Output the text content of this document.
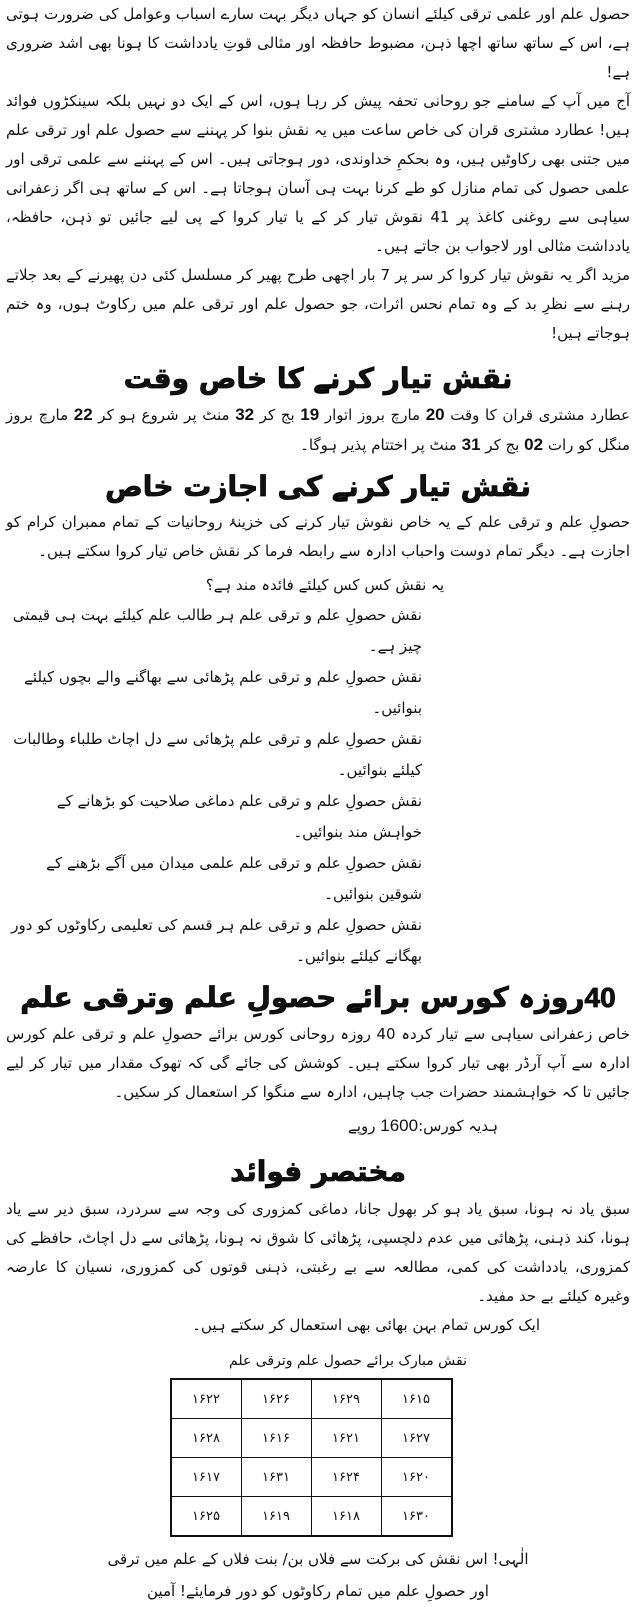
حصول علم اور علمی ترقی کیلئے انسان کو جہاں دیگر بہت سارے اسباب وعوامل کی ضرورت ہوتی ہے، اس کے ساتھ ساتھ اچھا ذہن، مضبوط حافظہ اور مثالی قوتِ یادداشت کا ہونا بھی اشد ضروری ہے!

آج میں آپ کے سامنے جو روحانی تحفہ پیش کر رہا ہوں، اس کے ایک دو نہیں بلکہ سینکڑوں فوائد ہیں! عطارد مشتری قران کی خاص ساعت میں یہ نقش بنوا کر پہننے سے حصول علم اور ترقی علم میں جتنی بھی رکاوٹیں ہیں، وہ بحکمِ خداوندی، دور ہوجاتی ہیں۔ اس کے پہننے سے علمی ترقی اور علمی حصول کی تمام منازل کو طے کرنا بہت ہی آسان ہوجاتا ہے۔ اس کے ساتھ ہی اگر زعفرانی سیاہی سے روغنی کاغذ پر 41 نقوش تیار کر کے یا تیار کروا کے پی لیے جائیں تو ذہن، حافظہ، یادداشت مثالی اور لاجواب بن جاتے ہیں۔

مزید اگر یہ نقوش تیار کروا کر سر پر 7 بار اچھی طرح پھیر کر مسلسل کئی دن پھیرنے کے بعد جلاتے رہنے سے نظرِ بد کے وہ تمام نحس اثرات، جو حصول علم اور ترقی علم میں رکاوٹ ہوں، وہ ختم ہوجاتے ہیں!

نقش تیار کرنے کا خاص وقت

عطارد مشتری قران کا وقت 20 مارچ بروز اتوار 19 بج کر 32 منٹ پر شروع ہو کر 22 مارچ بروز منگل کو رات 02 بج کر 31 منٹ پر اختتام پذیر ہوگا۔

نقش تیار کرنے کی اجازت خاص

حصولِ علم و ترقی علم کے یہ خاص نقوش تیار کرنے کی خزینۂ روحانیات کے تمام ممبران کرام کو اجازت ہے۔ دیگر تمام دوست واحباب ادارہ سے رابطہ فرما کر نقش خاص تیار کروا سکتے ہیں۔

یہ نقش کس کس کیلئے فائدہ مند ہے؟

نقش حصولِ علم و ترقی علم ہر طالب علم کیلئے بہت ہی قیمتی چیز ہے۔
نقش حصولِ علم و ترقی علم پڑھائی سے بھاگنے والے بچوں کیلئے بنوائیں۔
نقش حصولِ علم و ترقی علم پڑھائی سے دل اچاٹ طلباء وطالبات کیلئے بنوائیں۔
نقش حصولِ علم و ترقی علم دماغی صلاحیت کو بڑھانے کے خواہش مند بنوائیں۔
نقش حصولِ علم و ترقی علم علمی میدان میں آگے بڑھنے کے شوقین بنوائیں۔
نقش حصولِ علم و ترقی علم ہر قسم کی تعلیمی رکاوٹوں کو دور بھگانے کیلئے بنوائیں۔
40روزہ کورس برائے حصولِ علم وترقی علم

خاص زعفرانی سیاہی سے تیار کردہ 40 روزہ روحانی کورس برائے حصولِ علم و ترقی علم کورس ادارہ سے آپ آرڈر بھی تیار کروا سکتے ہیں۔ کوشش کی جائے گی کہ تھوک مقدار میں تیار کر لیے جائیں تا کہ خواہشمند حضرات جب چاہیں، ادارہ سے منگوا کر استعمال کر سکیں۔

ہدیہ کورس:1600 روپے

مختصر فوائد

سبق یاد نہ ہونا، سبق یاد ہو کر بھول جانا، دماغی کمزوری کی وجہ سے سردرد، سبق دیر سے یاد ہونا، کند ذہنی، پڑھائی میں عدم دلچسپی، پڑھائی کا شوق نہ ہونا، پڑھائی سے دل اچاٹ، حافظے کی کمزوری، یادداشت کی کمی، مطالعہ سے بے رغبتی، ذہنی قوتوں کی کمزوری، نسیان کا عارضہ وغیرہ کیلئے بے حد مفید۔

ایک کورس تمام بہن بھائی بھی استعمال کر سکتے ہیں۔

نقش مبارک برائے حصول علم وترقی علم
۱۶۲۲	۱۶۲۶	۱۶۲۹	۱۶۱۵
۱۶۲۸	۱۶۱۶	۱۶۲۱	۱۶۲۷
۱۶۱۷	۱۶۳۱	۱۶۲۴	۱۶۲۰
۱۶۲۵	۱۶۱۹	۱۶۱۸	۱۶۳۰

الٰہی! اس نقش کی برکت سے فلاں بن/ بنت فلاں کے علم میں ترقی
اور حصولِ علم میں تمام رکاوٹوں کو دور فرمایئے! آمین
